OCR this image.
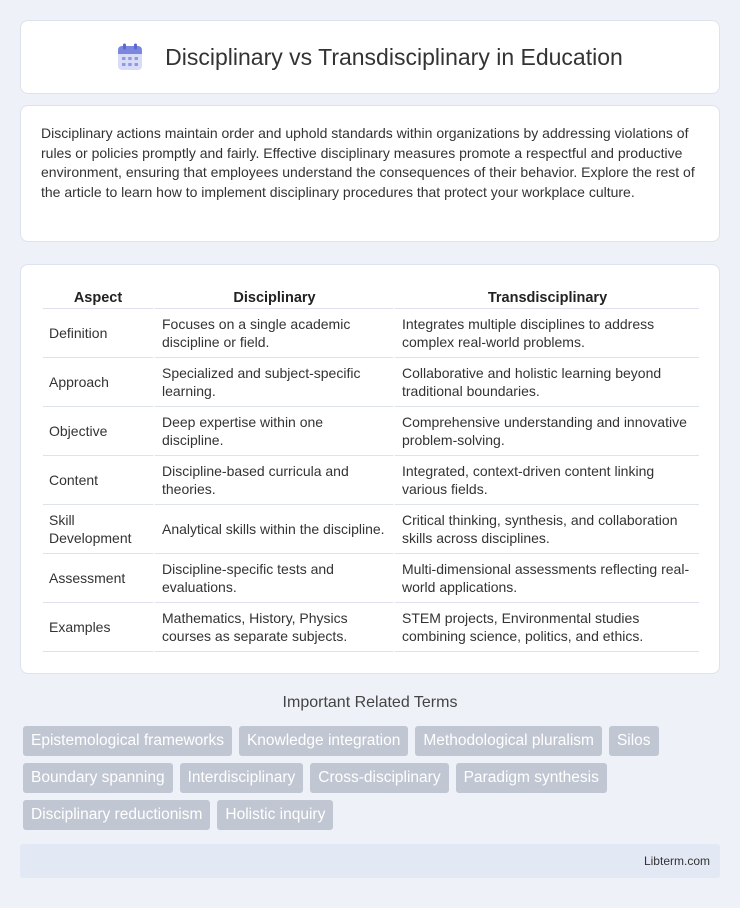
Disciplinary vs Transdisciplinary in Education

Disciplinary actions maintain order and uphold standards within organizations by addressing violations of rules or policies promptly and fairly. Effective disciplinary measures promote a respectful and productive environment, ensuring that employees understand the consequences of their behavior. Explore the rest of the article to learn how to implement disciplinary procedures that protect your workplace culture.

Aspect	Disciplinary	Transdisciplinary
Definition	Focuses on a single academic discipline or field.	Integrates multiple disciplines to address complex real-world problems.
Approach	Specialized and subject-specific learning.	Collaborative and holistic learning beyond traditional boundaries.
Objective	Deep expertise within one discipline.	Comprehensive understanding and innovative problem-solving.
Content	Discipline-based curricula and theories.	Integrated, context-driven content linking various fields.
Skill Development	Analytical skills within the discipline.	Critical thinking, synthesis, and collaboration skills across disciplines.
Assessment	Discipline-specific tests and evaluations.	Multi-dimensional assessments reflecting real-world applications.
Examples	Mathematics, History, Physics courses as separate subjects.	STEM projects, Environmental studies combining science, politics, and ethics.
Important Related Terms
Epistemological frameworks	Knowledge integration	Methodological pluralism	Silos
Boundary spanning	Interdisciplinary	Cross-disciplinary	Paradigm synthesis
Disciplinary reductionism	Holistic inquiry
Libterm.com
